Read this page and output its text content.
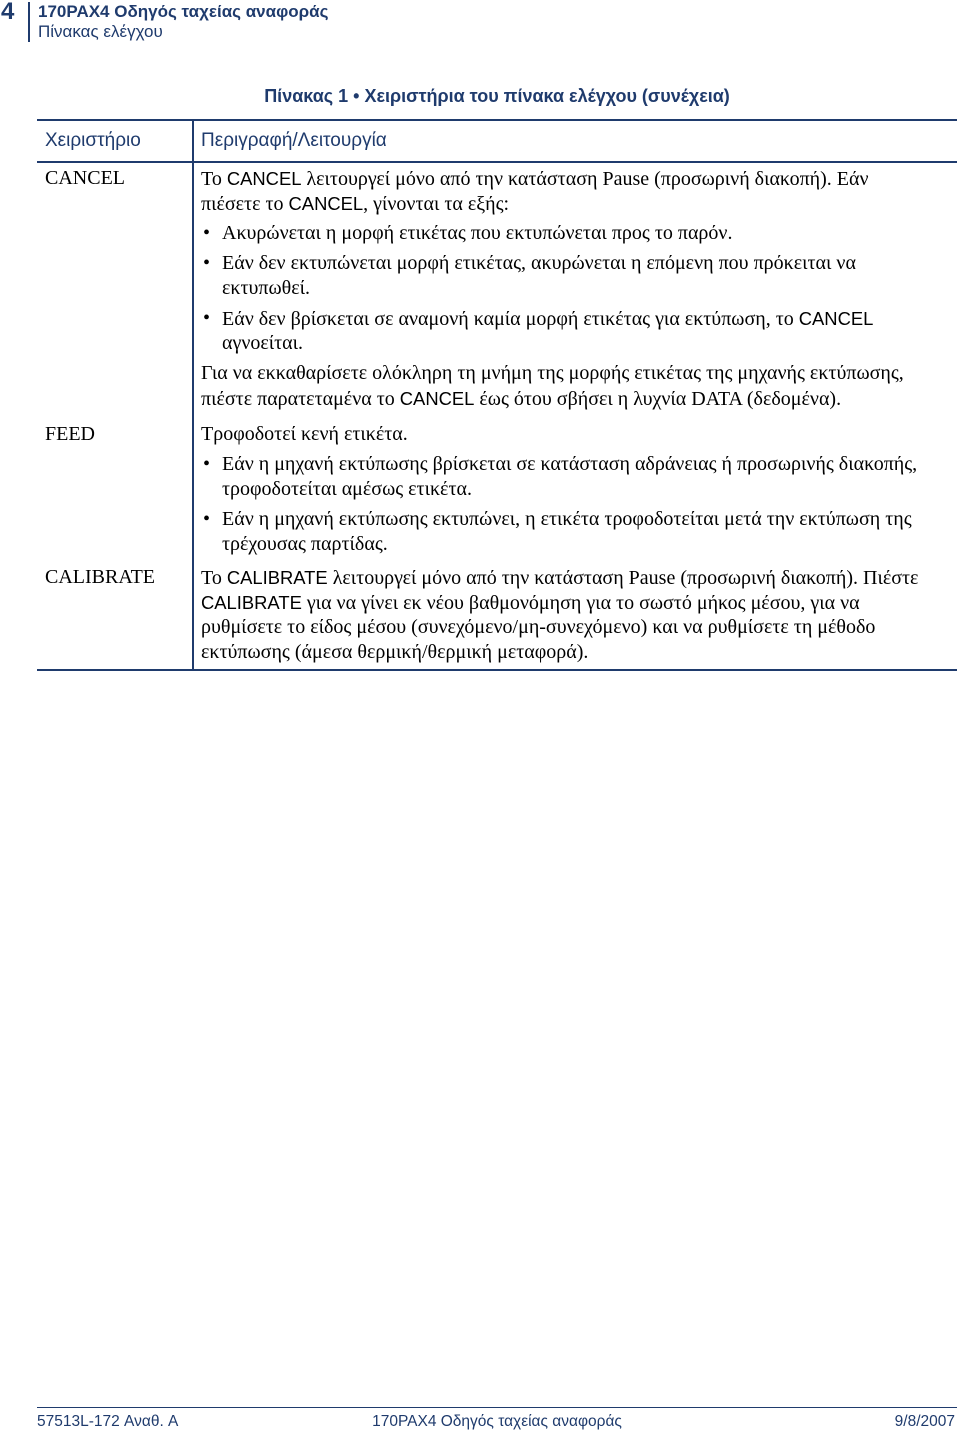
4 170PAX4 Οδηγός ταχείας αναφοράς
Πίνακας ελέγχου
Πίνακας 1 • Χειριστήρια του πίνακα ελέγχου (συνέχεια)
Χειριστήριο	Περιγραφή/Λειτουργία
CANCEL	Το CANCEL λειτουργεί μόνο από την κατάσταση Pause (προσωρινή διακοπή). Εάν
πιέσετε το CANCEL, γίνονται τα εξής:
•
Ακυρώνεται η μορφή ετικέτας που εκτυπώνεται προς το παρόν.
•
Εάν δεν εκτυπώνεται μορφή ετικέτας, ακυρώνεται η επόμενη που πρόκειται να
εκτυπωθεί.
•
Εάν δεν βρίσκεται σε αναμονή καμία μορφή ετικέτας για εκτύπωση, το CANCEL
αγνοείται.
Για να εκκαθαρίσετε ολόκληρη τη μνήμη της μορφής ετικέτας της μηχανής εκτύπωσης,
πιέστε παρατεταμένα το CANCEL έως ότου σβήσει η λυχνία DATA (δεδομένα).
FEED	Τροφοδοτεί κενή ετικέτα.
•
Εάν η μηχανή εκτύπωσης βρίσκεται σε κατάσταση αδράνειας ή προσωρινής διακοπής,
τροφοδοτείται αμέσως ετικέτα.
•
Εάν η μηχανή εκτύπωσης εκτυπώνει, η ετικέτα τροφοδοτείται μετά την εκτύπωση της
τρέχουσας παρτίδας.
CALIBRATE	Το CALIBRATE λειτουργεί μόνο από την κατάσταση Pause (προσωρινή διακοπή). Πιέστε
CALIBRATE για να γίνει εκ νέου βαθμονόμηση για το σωστό μήκος μέσου, για να
ρυθμίσετε το είδος μέσου (συνεχόμενο/μη-συνεχόμενο) και να ρυθμίσετε τη μέθοδο
εκτύπωσης (άμεσα θερμική/θερμική μεταφορά).
57513L-172 Αναθ. A	170PAX4 Οδηγός ταχείας αναφοράς	9/8/2007
